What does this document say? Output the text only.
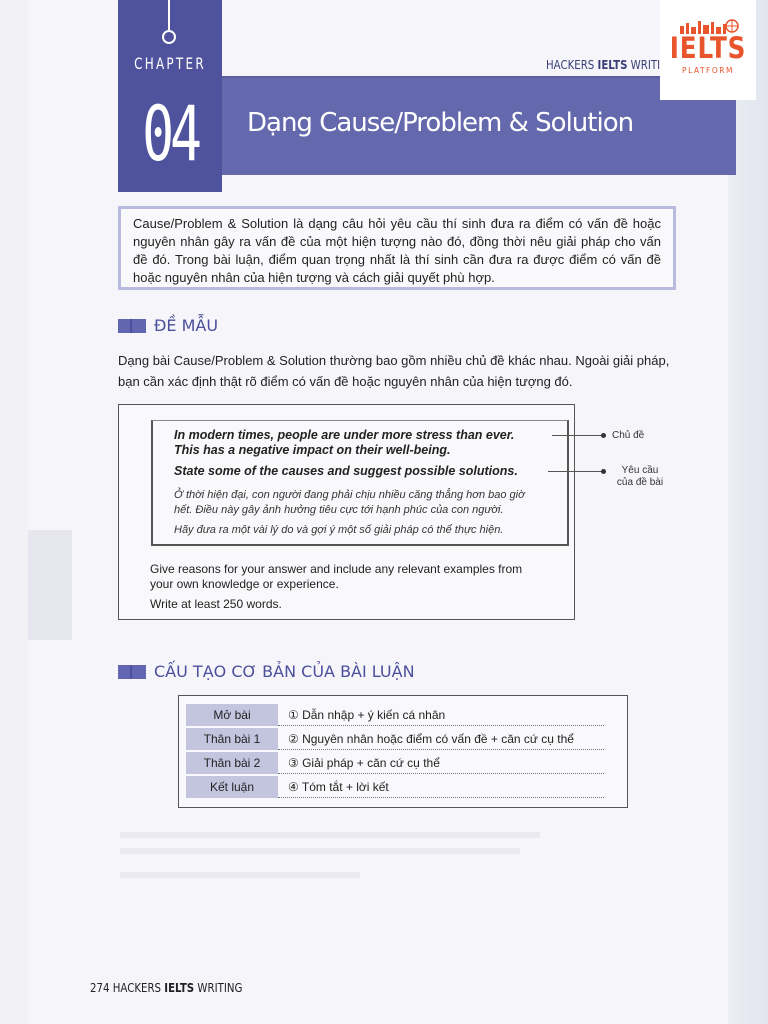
CHAPTER
04	Dạng Cause/Problem & Solution
HACKERS IELTS WRITI IELTS
PLATFORM
Cause/Problem & Solution là dạng câu hỏi yêu cầu thí sinh đưa ra điểm có vấn đề hoặc nguyên nhân gây ra vấn đề của một hiện tượng nào đó, đồng thời nêu giải pháp cho vấn đề đó. Trong bài luận, điểm quan trọng nhất là thí sinh cần đưa ra được điểm có vấn đề hoặc nguyên nhân của hiện tượng và cách giải quyết phù hợp.
ĐỀ MẪU
Dạng bài Cause/Problem & Solution thường bao gồm nhiều chủ đề khác nhau. Ngoài giải pháp, bạn cần xác định thật rõ điểm có vấn đề hoặc nguyên nhân của hiện tượng đó.
In modern times, people are under more stress than ever.
This has a negative impact on their well-being.
State some of the causes and suggest possible solutions.
Ở thời hiện đại, con người đang phải chịu nhiều căng thẳng hơn bao giờ
hết. Điều này gây ảnh hưởng tiêu cực tới hạnh phúc của con người.
Hãy đưa ra một vài lý do và gợi ý một số giải pháp có thể thực hiện.
Give reasons for your answer and include any relevant examples from
your own knowledge or experience.
Write at least 250 words.
Chủ đề
Yêu cầu
của đề bài
CẤU TẠO CƠ BẢN CỦA BÀI LUẬN
Mở bài	① Dẫn nhập + ý kiến cá nhân
Thân bài 1	② Nguyên nhân hoặc điểm có vấn đề + căn cứ cụ thể
Thân bài 2	③ Giải pháp + căn cứ cụ thể
Kết luận	④ Tóm tắt + lời kết
274 HACKERS IELTS WRITING
